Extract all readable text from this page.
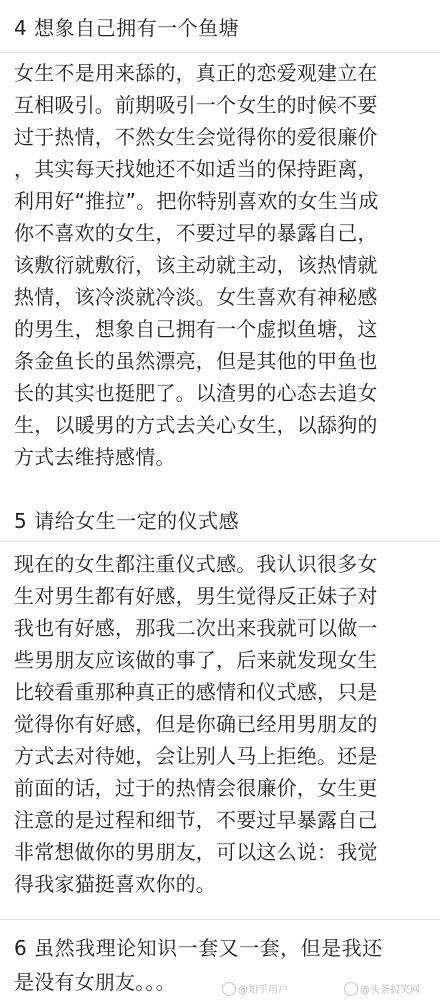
4 想象自己拥有一个鱼塘
女生不是用来舔的，真正的恋爱观建立在
互相吸引。前期吸引一个女生的时候不要
过于热情，不然女生会觉得你的爱很廉价
，其实每天找她还不如适当的保持距离，
利用好“推拉”。把你特别喜欢的女生当成
你不喜欢的女生，不要过早的暴露自己，
该敷衍就敷衍，该主动就主动，该热情就
热情，该冷淡就冷淡。女生喜欢有神秘感
的男生，想象自己拥有一个虚拟鱼塘，这
条金鱼长的虽然漂亮，但是其他的甲鱼也
长的其实也挺肥了。以渣男的心态去追女
生，以暖男的方式去关心女生，以舔狗的
方式去维持感情。
5 请给女生一定的仪式感
现在的女生都注重仪式感。我认识很多女
生对男生都有好感，男生觉得反正妹子对
我也有好感，那我二次出来我就可以做一
些男朋友应该做的事了，后来就发现女生
比较看重那种真正的感情和仪式感，只是
觉得你有好感，但是你确已经用男朋友的
方式去对待她，会让别人马上拒绝。还是
前面的话，过于的热情会很廉价，女生更
注意的是过程和细节，不要过早暴露自己
非常想做你的男朋友，可以这么说：我觉
得我家猫挺喜欢你的。
6 虽然我理论知识一套又一套，但是我还
是没有女朋友。。。	@知乎用户	@头条搞笑网
